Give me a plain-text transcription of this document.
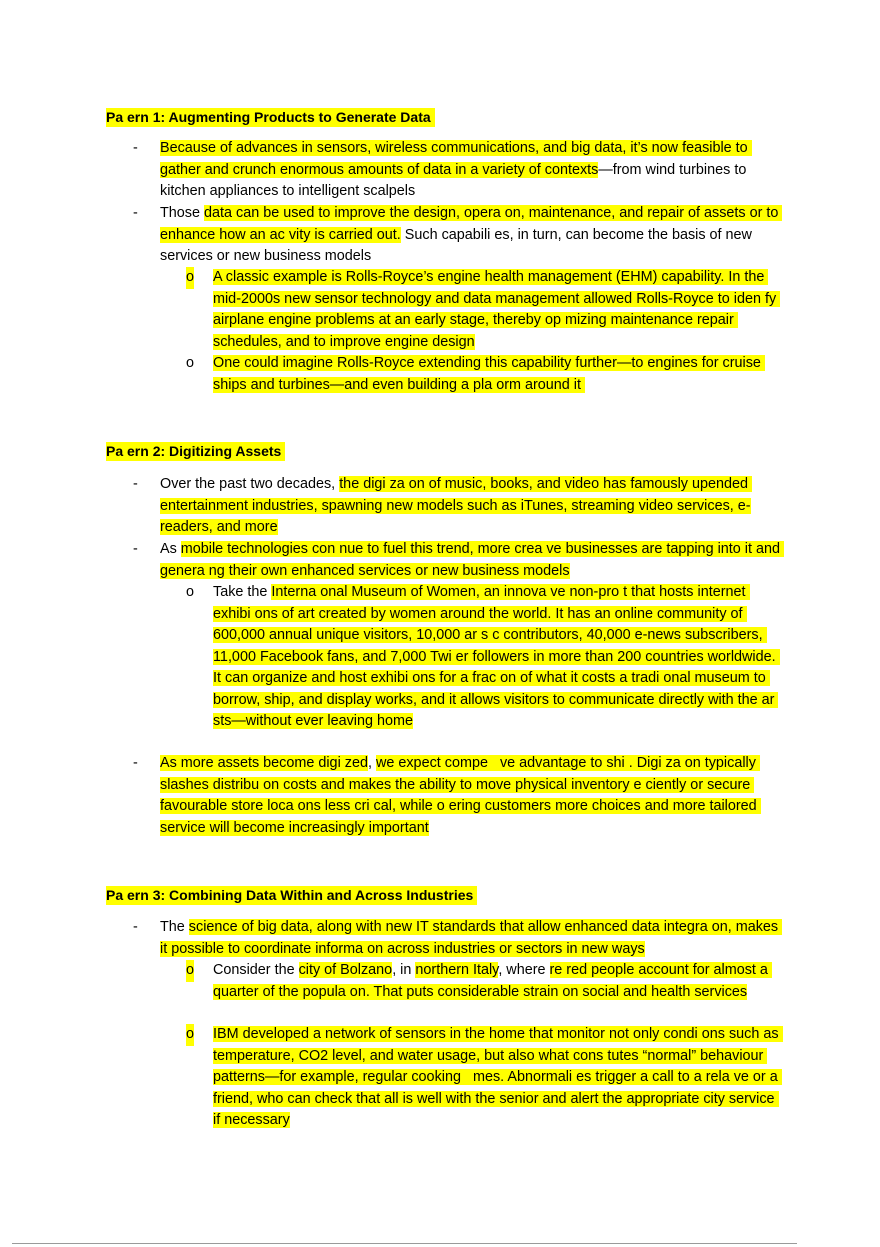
Pa ern 1: Augmenting Products to Generate Data
- Because of advances in sensors, wireless communications, and big data, it’s now feasible to gather and crunch enormous amounts of data in a variety of contexts—from wind turbines to kitchen appliances to intelligent scalpels
- Those data can be used to improve the design, opera on, maintenance, and repair of assets or to enhance how an ac vity is carried out. Such capabili es, in turn, can become the basis of new services or new business models
o A classic example is Rolls-Royce’s engine health management (EHM) capability. In the mid-2000s new sensor technology and data management allowed Rolls-Royce to iden fy airplane engine problems at an early stage, thereby op mizing maintenance repair schedules, and to improve engine design
o One could imagine Rolls-Royce extending this capability further—to engines for cruise ships and turbines—and even building a pla orm around it
Pa ern 2: Digitizing Assets
- Over the past two decades, the digi za on of music, books, and video has famously upended entertainment industries, spawning new models such as iTunes, streaming video services, e-readers, and more
- As mobile technologies con nue to fuel this trend, more crea ve businesses are tapping into it and genera ng their own enhanced services or new business models
o Take the Interna onal Museum of Women, an innova ve non-pro t that hosts internet exhibi ons of art created by women around the world. It has an online community of 600,000 annual unique visitors, 10,000 ar s c contributors, 40,000 e-news subscribers, 11,000 Facebook fans, and 7,000 Twi er followers in more than 200 countries worldwide. It can organize and host exhibi ons for a frac on of what it costs a tradi onal museum to borrow, ship, and display works, and it allows visitors to communicate directly with the ar sts—without ever leaving home
- As more assets become digi zed, we expect compe   ve advantage to shi . Digi za on typically slashes distribu on costs and makes the ability to move physical inventory e ciently or secure favourable store loca ons less cri cal, while o ering customers more choices and more tailored service will become increasingly important
Pa ern 3: Combining Data Within and Across Industries
- The science of big data, along with new IT standards that allow enhanced data integra on, makes it possible to coordinate informa on across industries or sectors in new ways
o Consider the city of Bolzano, in northern Italy, where re red people account for almost a quarter of the popula on. That puts considerable strain on social and health services
o IBM developed a network of sensors in the home that monitor not only condi ons such as temperature, CO2 level, and water usage, but also what cons tutes “normal” behaviour patterns—for example, regular cooking   mes. Abnormali es trigger a call to a rela ve or a friend, who can check that all is well with the senior and alert the appropriate city service if necessary
